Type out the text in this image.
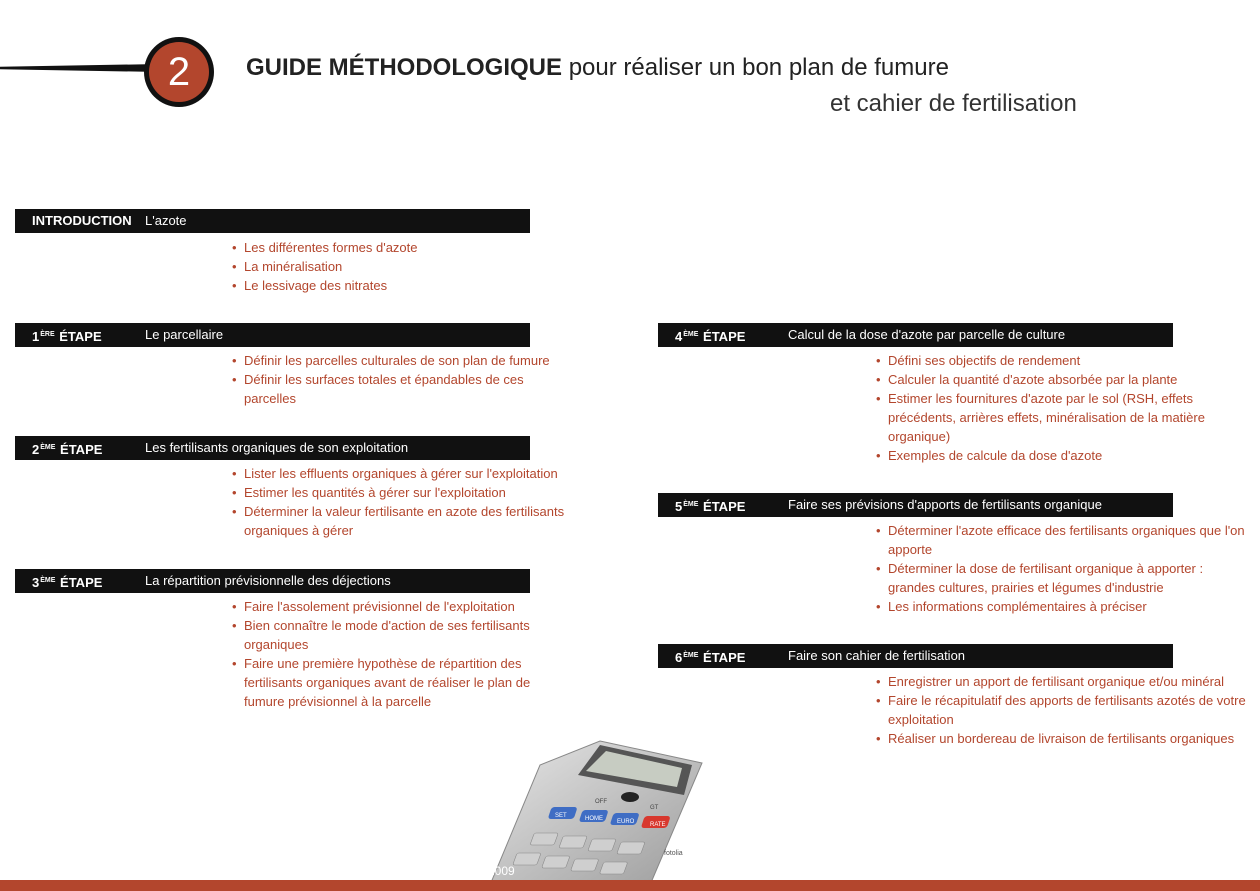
2	GUIDE MÉTHODOLOGIQUE pour réaliser un bon plan de fumure
et cahier de fertilisation
INTRODUCTION L'azote
• Les différentes formes d'azote
• La minéralisation
• Le lessivage des nitrates
1ÈRE ÉTAPE	Le parcellaire
• Définir les parcelles culturales de son plan de fumure
• Définir les surfaces totales et épandables de ces parcelles
2ÈME ÉTAPE	Les fertilisants organiques de son exploitation
• Lister les effluents organiques à gérer sur l'exploitation
• Estimer les quantités à gérer sur l'exploitation
• Déterminer la valeur fertilisante en azote des fertilisants organiques à gérer
3ÈME ÉTAPE	La répartition prévisionnelle des déjections
• Faire l'assolement prévisionnel de l'exploitation
• Bien connaître le mode d'action de ses fertilisants organiques
• Faire une première hypothèse de répartition des fertilisants organiques avant de réaliser le plan de fumure prévisionnel à la parcelle
4ÈME ÉTAPE	Calcul de la dose d'azote par parcelle de culture
• Défini ses objectifs de rendement
• Calculer la quantité d'azote absorbée par la plante
• Estimer les fournitures d'azote par le sol (RSH, effets précédents, arrières effets, minéralisation de la matière organique)
• Exemples de calcule da dose d'azote
5ÈME ÉTAPE	Faire ses prévisions d'apports de fertilisants organique
• Déterminer l'azote efficace des fertilisants organiques que l'on apporte
• Déterminer la dose de fertilisant organique à apporter : grandes cultures, prairies et légumes d'industrie
• Les informations complémentaires à préciser
6ÈME ÉTAPE	Faire son cahier de fertilisation
• Enregistrer un apport de fertilisant organique et/ou minéral
• Faire le récapitulatif des apports de fertilisants azotés de votre exploitation
• Réaliser un bordereau de livraison de fertilisants organiques
OFF
GT
SET	HOME EURO	RATE
2009
fotolia
